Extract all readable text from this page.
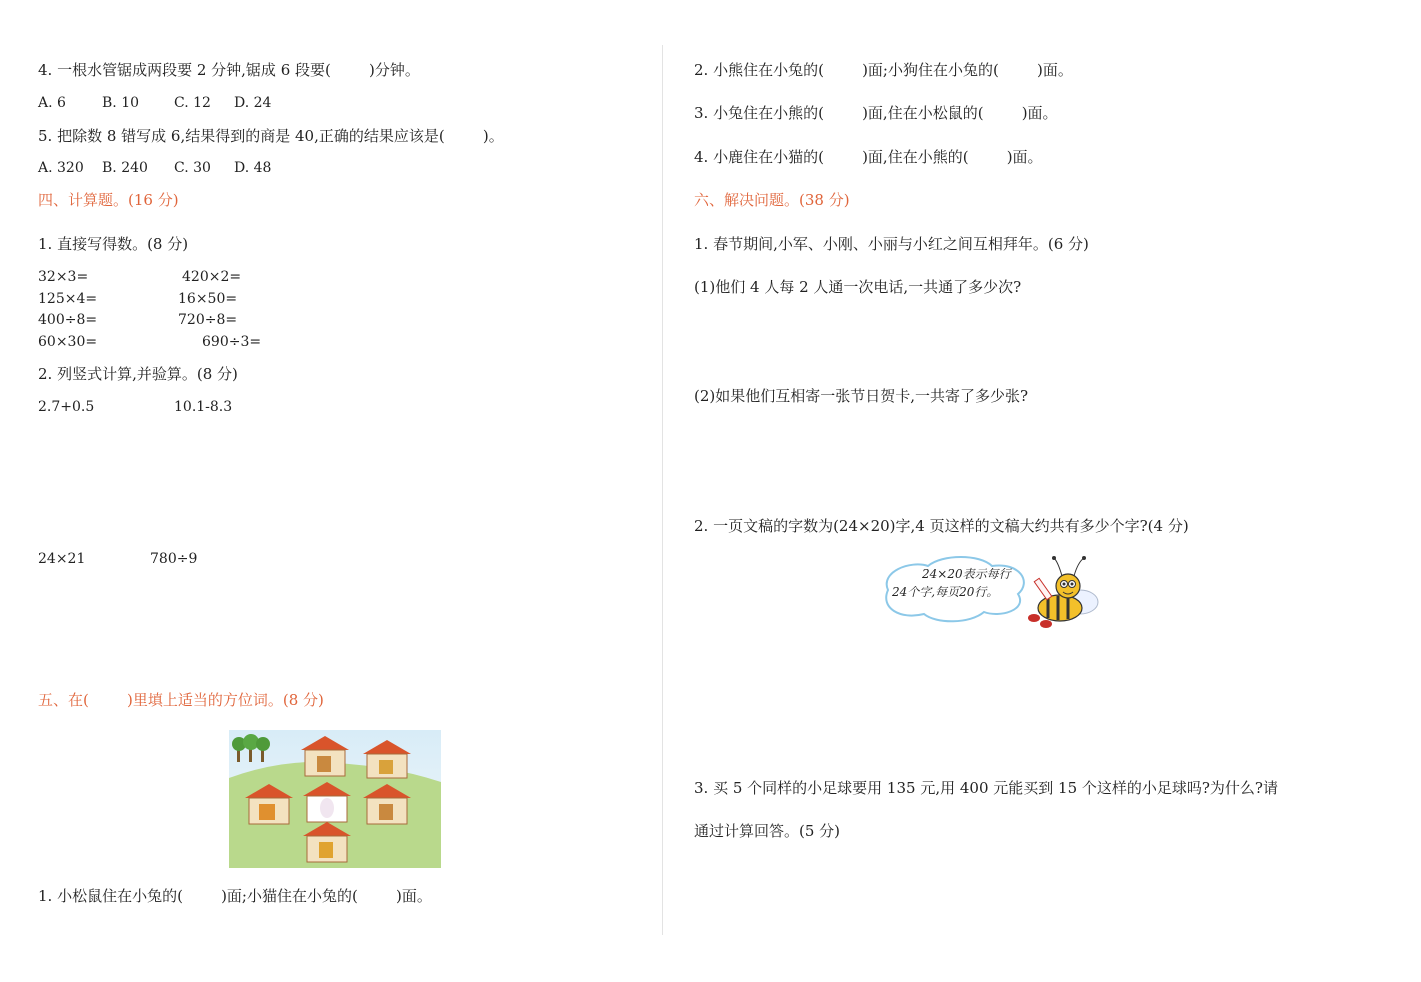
4. 一根水管锯成两段要 2 分钟,锯成 6 段要(        )分钟。
A. 6	B. 10 C. 12 D. 24
5. 把除数 8 错写成 6,结果得到的商是 40,正确的结果应该是(        )。
A. 320 B. 240 C. 30 D. 48
四、计算题。(16 分)
1. 直接写得数。(8 分)
32×3=	420×2=
125×4=	16×50=
400÷8=	720÷8=
60×30=	690÷3=
2. 列竖式计算,并验算。(8 分)
2.7+0.5	10.1-8.3
24×21	780÷9
五、在(        )里填上适当的方位词。(8 分)
1. 小松鼠住在小兔的(        )面;小猫住在小兔的(        )面。
2. 小熊住在小兔的(        )面;小狗住在小兔的(        )面。
3. 小兔住在小熊的(        )面,住在小松鼠的(        )面。
4. 小鹿住在小猫的(        )面,住在小熊的(        )面。
六、解决问题。(38 分)
1. 春节期间,小军、小刚、小丽与小红之间互相拜年。(6 分)
(1)他们 4 人每 2 人通一次电话,一共通了多少次?
(2)如果他们互相寄一张节日贺卡,一共寄了多少张?
2. 一页文稿的字数为(24×20)字,4 页这样的文稿大约共有多少个字?(4 分)
24×20表示每行
24个字,每页20行。
3. 买 5 个同样的小足球要用 135 元,用 400 元能买到 15 个这样的小足球吗?为什么?请
通过计算回答。(5 分)
